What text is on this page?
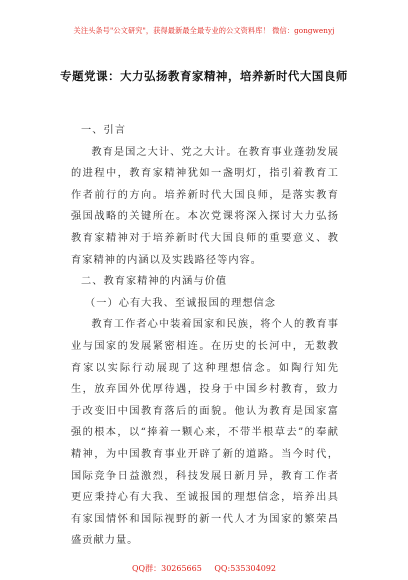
关注头条号"公文研究"，获得最新最全最专业的公文资料库！ 微信：gongwenyj
专题党课：大力弘扬教育家精神，培养新时代大国良师

一、引言

教育是国之大计、党之大计。在教育事业蓬勃发展的进程中，教育家精神犹如一盏明灯，指引着教育工作者前行的方向。培养新时代大国良师，是落实教育强国战略的关键所在。本次党课将深入探讨大力弘扬教育家精神对于培养新时代大国良师的重要意义、教育家精神的内涵以及实践路径等内容。

二、教育家精神的内涵与价值

（一）心有大我、至诚报国的理想信念

教育工作者心中装着国家和民族，将个人的教育事业与国家的发展紧密相连。在历史的长河中，无数教育家以实际行动展现了这种理想信念。如陶行知先生，放弃国外优厚待遇，投身于中国乡村教育，致力于改变旧中国教育落后的面貌。他认为教育是国家富强的根本，以“捧着一颗心来，不带半根草去”的奉献精神，为中国教育事业开辟了新的道路。当今时代，国际竞争日益激烈，科技发展日新月异，教育工作者更应秉持心有大我、至诚报国的理想信念，培养出具有家国情怀和国际视野的新一代人才为国家的繁荣昌盛贡献力量。

QQ群：30265665 QQ:535304092
